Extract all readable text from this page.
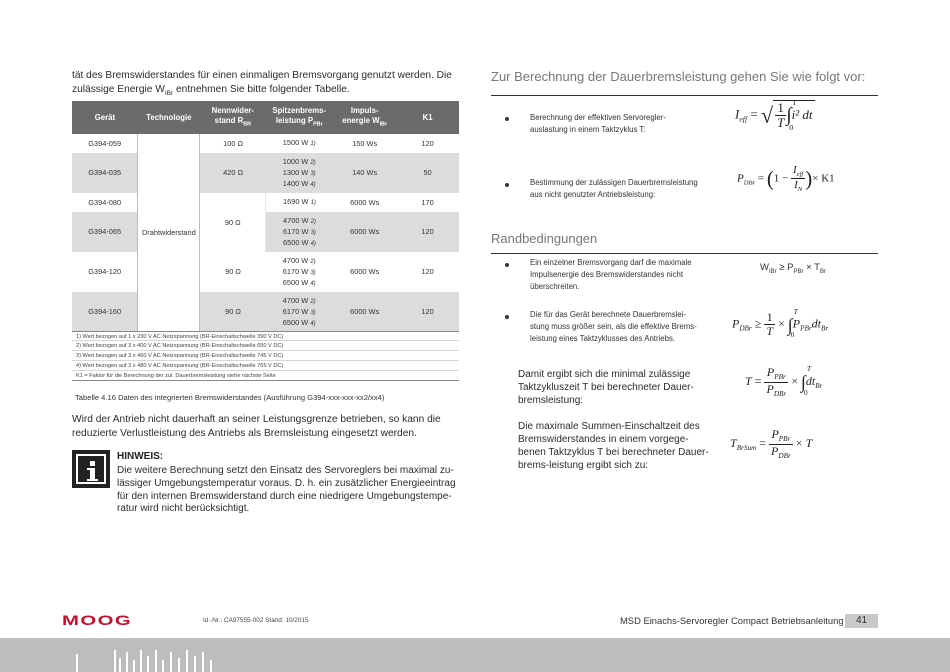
tät des Bremswiderstandes für einen einmaligen Bremsvorgang genutzt werden. Die
zulässige Energie $W_{IBr}$ entnehmen Sie bitte folgender Tabelle.
Gerät	Technologie	Nennwider-
stand $R_{BR}$	Spitzenbrems-
leistung $P_{PBr}$	Impuls-
energie $W_{IBr}$	K1
G394-059	Drahtwiderstand	100 Ω	1500 W 1)	150 Ws	120
G394-035		420 Ω	1000 W 2)
1300 W 3)
1400 W 4)	140 Ws	50
G394-080		90 Ω	1690 W 1)	6000 Ws	170
G394-065			4700 W 2)
6170 W 3)
6500 W 4)	6000 Ws	120
G394-120		90 Ω	4700 W 2)
6170 W 3)
6500 W 4)	6000 Ws	120
G394-160		90 Ω	4700 W 2)
6170 W 3)
6500 W 4)	6000 Ws	120
1) Wert bezogen auf 1 x 230 V AC Netzspannung (BR-Einschaltschwelle 390 V DC)
2) Wert bezogen auf 3 x 400 V AC Netzspannung (BR-Einschaltschwelle 650 V DC)
3) Wert bezogen auf 3 x 460 V AC Netzspannung (BR-Einschaltschwelle 745 V DC)
4) Wert bezogen auf 3 x 480 V AC Netzspannung (BR-Einschaltschwelle 765 V DC)
K1 = Faktor für die Berechnung der zul. Dauerbremsleistung siehe nächste Seite
Tabelle 4.16 Daten des integrierten Bremswiderstandes (Ausführung G394-xxx-xxx-xx2/xx4)
Wird der Antrieb nicht dauerhaft an seiner Leistungsgrenze betrieben, so kann die
reduzierte Verlustleistung des Antriebs als Bremsleistung eingesetzt werden.
HINWEIS:
Die weitere Berechnung setzt den Einsatz des Servoreglers bei maximal zu-
lässiger Umgebungstemperatur voraus. D. h. ein zusätzlicher Energieeintrag
für den internen Bremswiderstand durch eine niedrigere Umgebungstempe-
ratur wird nicht berücksichtigt.
Zur Berechnung der Dauerbremsleistung gehen Sie wie folgt vor:
Berechnung der effektiven Servoregler-
auslastung in einem Taktzyklus T:
$I_{eff}$ = √ $\frac{1}{T}$ ∫
T
0
i² dt
Bestimmung der zulässigen Dauerbremsleistung
aus nicht genutzter Antriebsleistung:
$P_{DBr} = (1 - \frac{I_{eff}}{I_N}$ )× K1
Randbedingungen
Ein einzelner Bremsvorgang darf die maximale
Impulsenergie des Bremswiderstandes nicht
überschreiten.
$W_{IBr} \ge P_{PBr} \times T_{Br}$
Die für das Gerät berechnete Dauerbremslei-
stung muss größer sein, als die effektive Brems-
leistung eines Taktzyklusses des Antriebs.
$P_{DBr} \ge \frac{1}{T}$ × ∫
T
0
$P_{PBr}dt_{Br}$
Damit ergibt sich die minimal zulässige
Taktzykluszeit T bei berechneter Dauer-
bremsleistung:
$T = \frac{P_{PBr}}{P_{DBr}}$ × ∫
T
0
$dt_{Br}$
Die maximale Summen-Einschaltzeit des
Bremswiderstandes in einem vorgege-
benen Taktzyklus T bei berechneter Dauer-
brems-leistung ergibt sich zu:
$T_{BrSum} = \frac{P_{PBr}}{P_{DBr}} \times T$
MOOG	Id.-Nr.: CA97555-002 Stand: 10/2015	MSD Einachs-Servoregler Compact Betriebsanleitung	41
